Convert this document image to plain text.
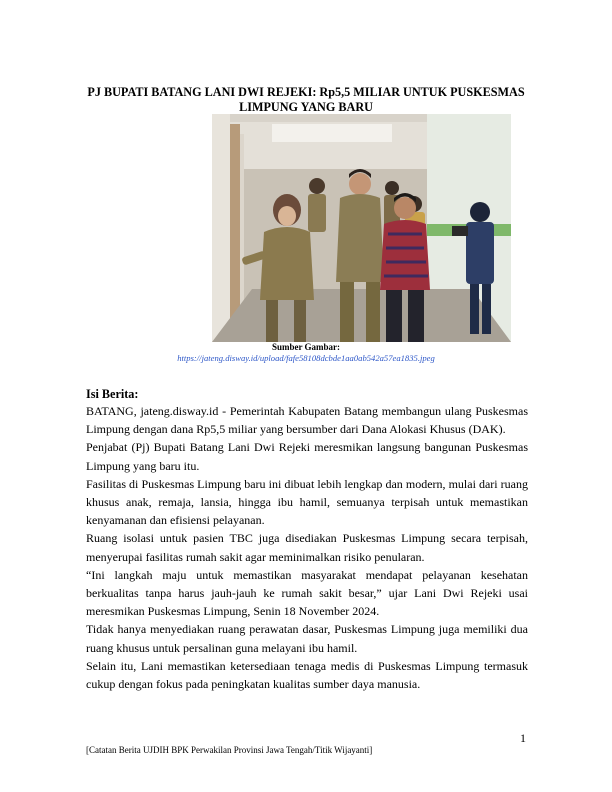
PJ BUPATI BATANG LANI DWI REJEKI: Rp5,5 MILIAR UNTUK PUSKESMAS LIMPUNG YANG BARU
Sumber Gambar:
https://jateng.disway.id/upload/fafe58108dcbde1aa0ab542a57ea1835.jpeg
Isi Berita:

BATANG, jateng.disway.id - Pemerintah Kabupaten Batang membangun ulang Puskesmas Limpung dengan dana Rp5,5 miliar yang bersumber dari Dana Alokasi Khusus (DAK).

Penjabat (Pj) Bupati Batang Lani Dwi Rejeki meresmikan langsung bangunan Puskesmas Limpung yang baru itu.

Fasilitas di Puskesmas Limpung baru ini dibuat lebih lengkap dan modern, mulai dari ruang khusus anak, remaja, lansia, hingga ibu hamil, semuanya terpisah untuk memastikan kenyamanan dan efisiensi pelayanan.

Ruang isolasi untuk pasien TBC juga disediakan Puskesmas Limpung secara terpisah, menyerupai fasilitas rumah sakit agar meminimalkan risiko penularan.

“Ini langkah maju untuk memastikan masyarakat mendapat pelayanan kesehatan berkualitas tanpa harus jauh-jauh ke rumah sakit besar,” ujar Lani Dwi Rejeki usai meresmikan Puskesmas Limpung, Senin 18 November 2024.

Tidak hanya menyediakan ruang perawatan dasar, Puskesmas Limpung juga memiliki dua ruang khusus untuk persalinan guna melayani ibu hamil.

Selain itu, Lani memastikan ketersediaan tenaga medis di Puskesmas Limpung termasuk cukup dengan fokus pada peningkatan kualitas sumber daya manusia.

1
[Catatan Berita UJDIH BPK Perwakilan Provinsi Jawa Tengah/Titik Wijayanti]
